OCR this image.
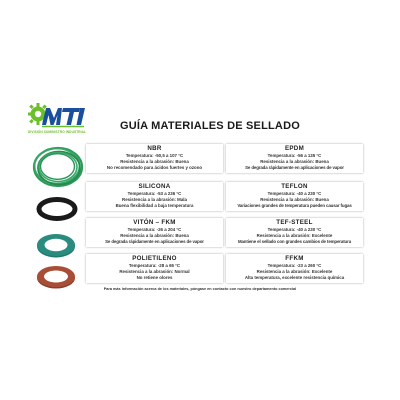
DIVISIÓN SUMINISTRO INDUSTRIAL	GUÍA MATERIALES DE SELLADO
NBR
Temperatura: -50,5 a 107 °C
Resistencia a la abrasión: Buena
No recomendado para ácidos fuertes y ozono
EPDM
Temperatura: -56 a 135 °C
Resistencia a la abrasión: Buena
Se degrada rápidamente en aplicaciones de vapor
SILICONA
Temperatura: -53 a 236 °C
Resistencia a la abrasión: Mala
Buena flexibilidad a baja temperatura
TEFLON
Temperatura: -40 a 230 °C
Resistencia a la abrasión: Buena
Variaciones grandes de temperatura pueden causar fugas
VITÓN – FKM
Temperatura: -26 a 204 °C
Resistencia a la abrasión: Buena
Se degrada rápidamente en aplicaciones de vapor
TEF-STEEL
Temperatura: -40 a 230 °C
Resistencia a la abrasión: Excelente
Mantiene el sellado con grandes cambios de temperatura
POLIETILENO
Temperatura: -28 a 65 °C
Resistencia a la abrasión: Normal
No retiene olores
FFKM
Temperatura: -23 a 260 °C
Resistencia a la abrasión: Excelente
Alta temperatura, excelente resistencia química
Para más información acerca de los materiales, póngase en contacto con nuestro departamento comercial
